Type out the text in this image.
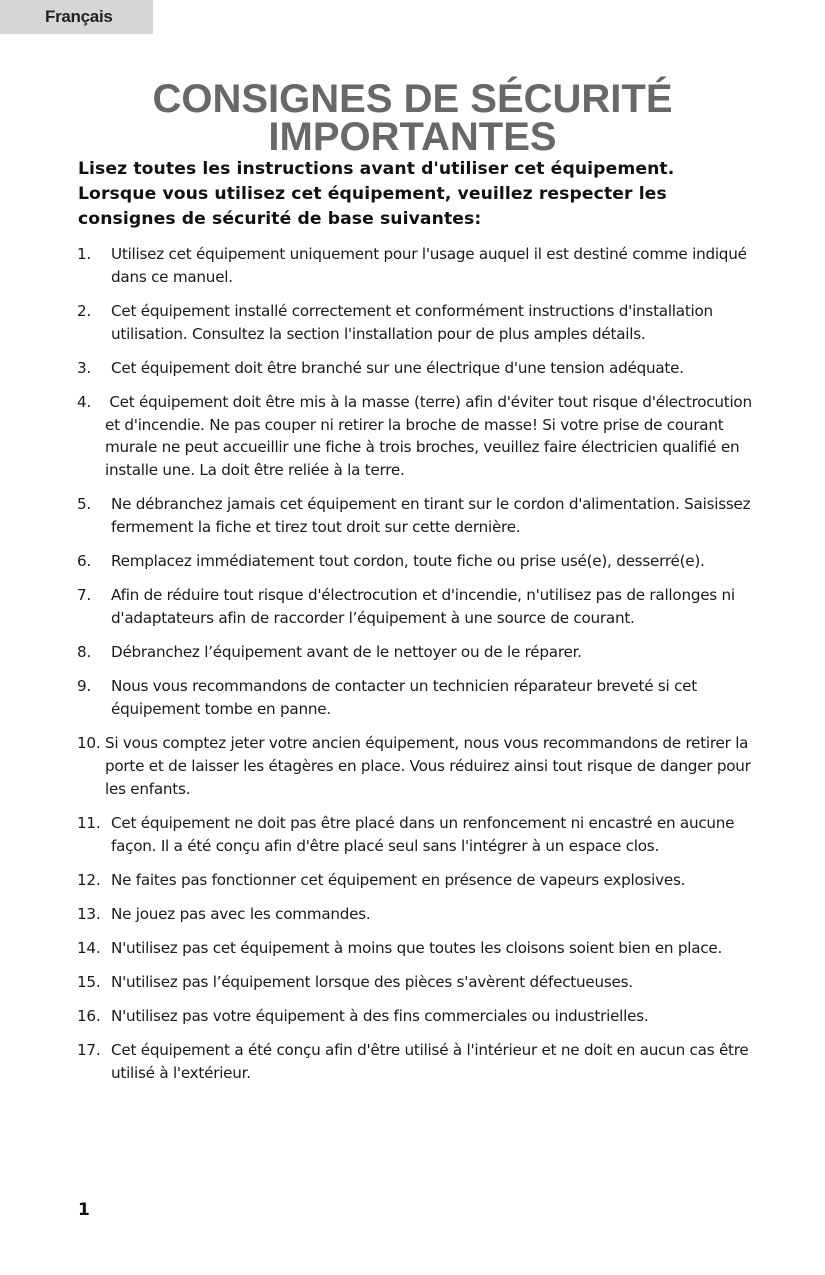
Français
CONSIGNES DE SÉCURITÉ
IMPORTANTES

Lisez toutes les instructions avant d'utiliser cet équipement.
Lorsque vous utilisez cet équipement, veuillez respecter les
consignes de sécurité de base suivantes:

1. Utilisez cet équipement uniquement pour l'usage auquel il est destiné comme indiqué dans ce manuel.
2. Cet équipement installé correctement et conformément instructions d'installation utilisation. Consultez la section l'installation pour de plus amples détails.
3. Cet équipement doit être branché sur une électrique d'une tension adéquate.
4. Cet équipement doit être mis à la masse (terre) afin d'éviter tout risque d'électrocution et d'incendie. Ne pas couper ni retirer la broche de masse! Si votre prise de courant murale ne peut accueillir une fiche à trois broches, veuillez faire électricien qualifié en installe une. La doit être reliée à la terre.
5. Ne débranchez jamais cet équipement en tirant sur le cordon d'alimentation. Saisissez fermement la fiche et tirez tout droit sur cette dernière.
6. Remplacez immédiatement tout cordon, toute fiche ou prise usé(e), desserré(e).
7. Afin de réduire tout risque d'électrocution et d'incendie, n'utilisez pas de rallonges ni d'adaptateurs afin de raccorder l’équipement à une source de courant.
8. Débranchez l’équipement avant de le nettoyer ou de le réparer.
9. Nous vous recommandons de contacter un technicien réparateur breveté si cet équipement tombe en panne.
10. Si vous comptez jeter votre ancien équipement, nous vous recommandons de retirer la porte et de laisser les étagères en place. Vous réduirez ainsi tout risque de danger pour les enfants.
11. Cet équipement ne doit pas être placé dans un renfoncement ni encastré en aucune façon. Il a été conçu afin d'être placé seul sans l'intégrer à un espace clos.
12. Ne faites pas fonctionner cet équipement en présence de vapeurs explosives.
13. Ne jouez pas avec les commandes.
14. N'utilisez pas cet équipement à moins que toutes les cloisons soient bien en place.
15. N'utilisez pas l’équipement lorsque des pièces s'avèrent défectueuses.
16. N'utilisez pas votre équipement à des fins commerciales ou industrielles.
17. Cet équipement a été conçu afin d'être utilisé à l'intérieur et ne doit en aucun cas être utilisé à l'extérieur.
1
